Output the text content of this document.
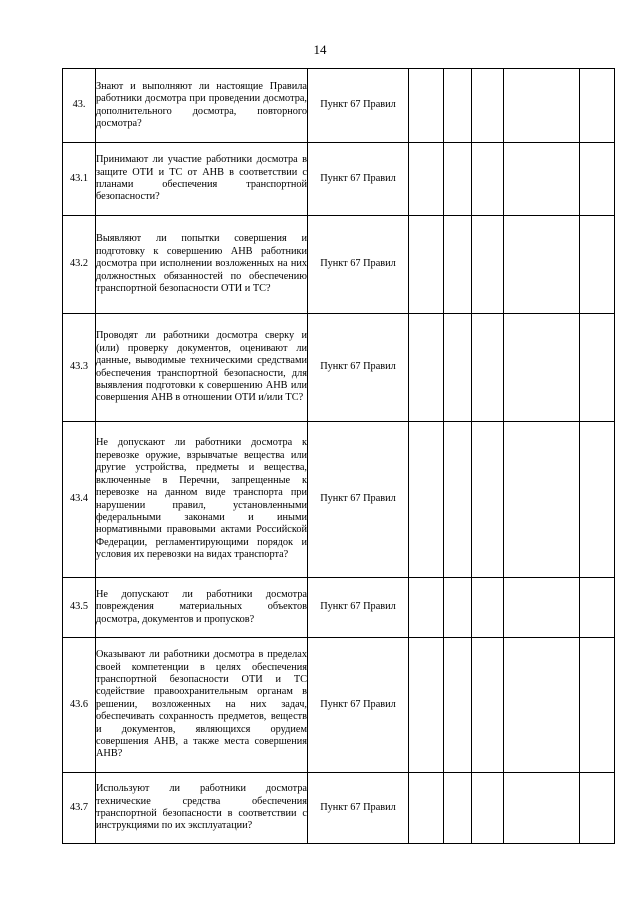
14
43.	Знают и выполняют ли настоящие Правила работники досмотра при проведении досмотра, дополнительного досмотра, повторного досмотра?	Пункт 67 Правил					
43.1	Принимают ли участие работники досмотра в защите ОТИ и ТС от АНВ в соответствии с планами обеспечения транспортной безопасности?	Пункт 67 Правил					
43.2	Выявляют ли попытки совершения и подготовку к совершению АНВ работники досмотра при исполнении возложенных на них должностных обязанностей по обеспечению транспортной безопасности ОТИ и ТС?	Пункт 67 Правил					
43.3	Проводят ли работники досмотра сверку и (или) проверку документов, оценивают ли данные, выводимые техническими средствами обеспечения транспортной безопасности, для выявления подготовки к совершению АНВ или совершения АНВ в отношении ОТИ и/или ТС?	Пункт 67 Правил					
43.4	Не допускают ли работники досмотра к перевозке оружие, взрывчатые вещества или другие устройства, предметы и вещества, включенные в Перечни, запрещенные к перевозке на данном виде транспорта при нарушении правил, установленными федеральными законами и иными нормативными правовыми актами Российской Федерации, регламентирующими порядок и условия их перевозки на видах транспорта?	Пункт 67 Правил					
43.5	Не допускают ли работники досмотра повреждения материальных объектов досмотра, документов и пропусков?	Пункт 67 Правил					
43.6	Оказывают ли работники досмотра в пределах своей компетенции в целях обеспечения транспортной безопасности ОТИ и ТС содействие правоохранительным органам в решении, возложенных на них задач, обеспечивать сохранность предметов, веществ и документов, являющихся орудием совершения АНВ, а также места совершения АНВ?	Пункт 67 Правил					
43.7	Используют ли работники досмотра технические средства обеспечения транспортной безопасности в соответствии с инструкциями по их эксплуатации?	Пункт 67 Правил					
